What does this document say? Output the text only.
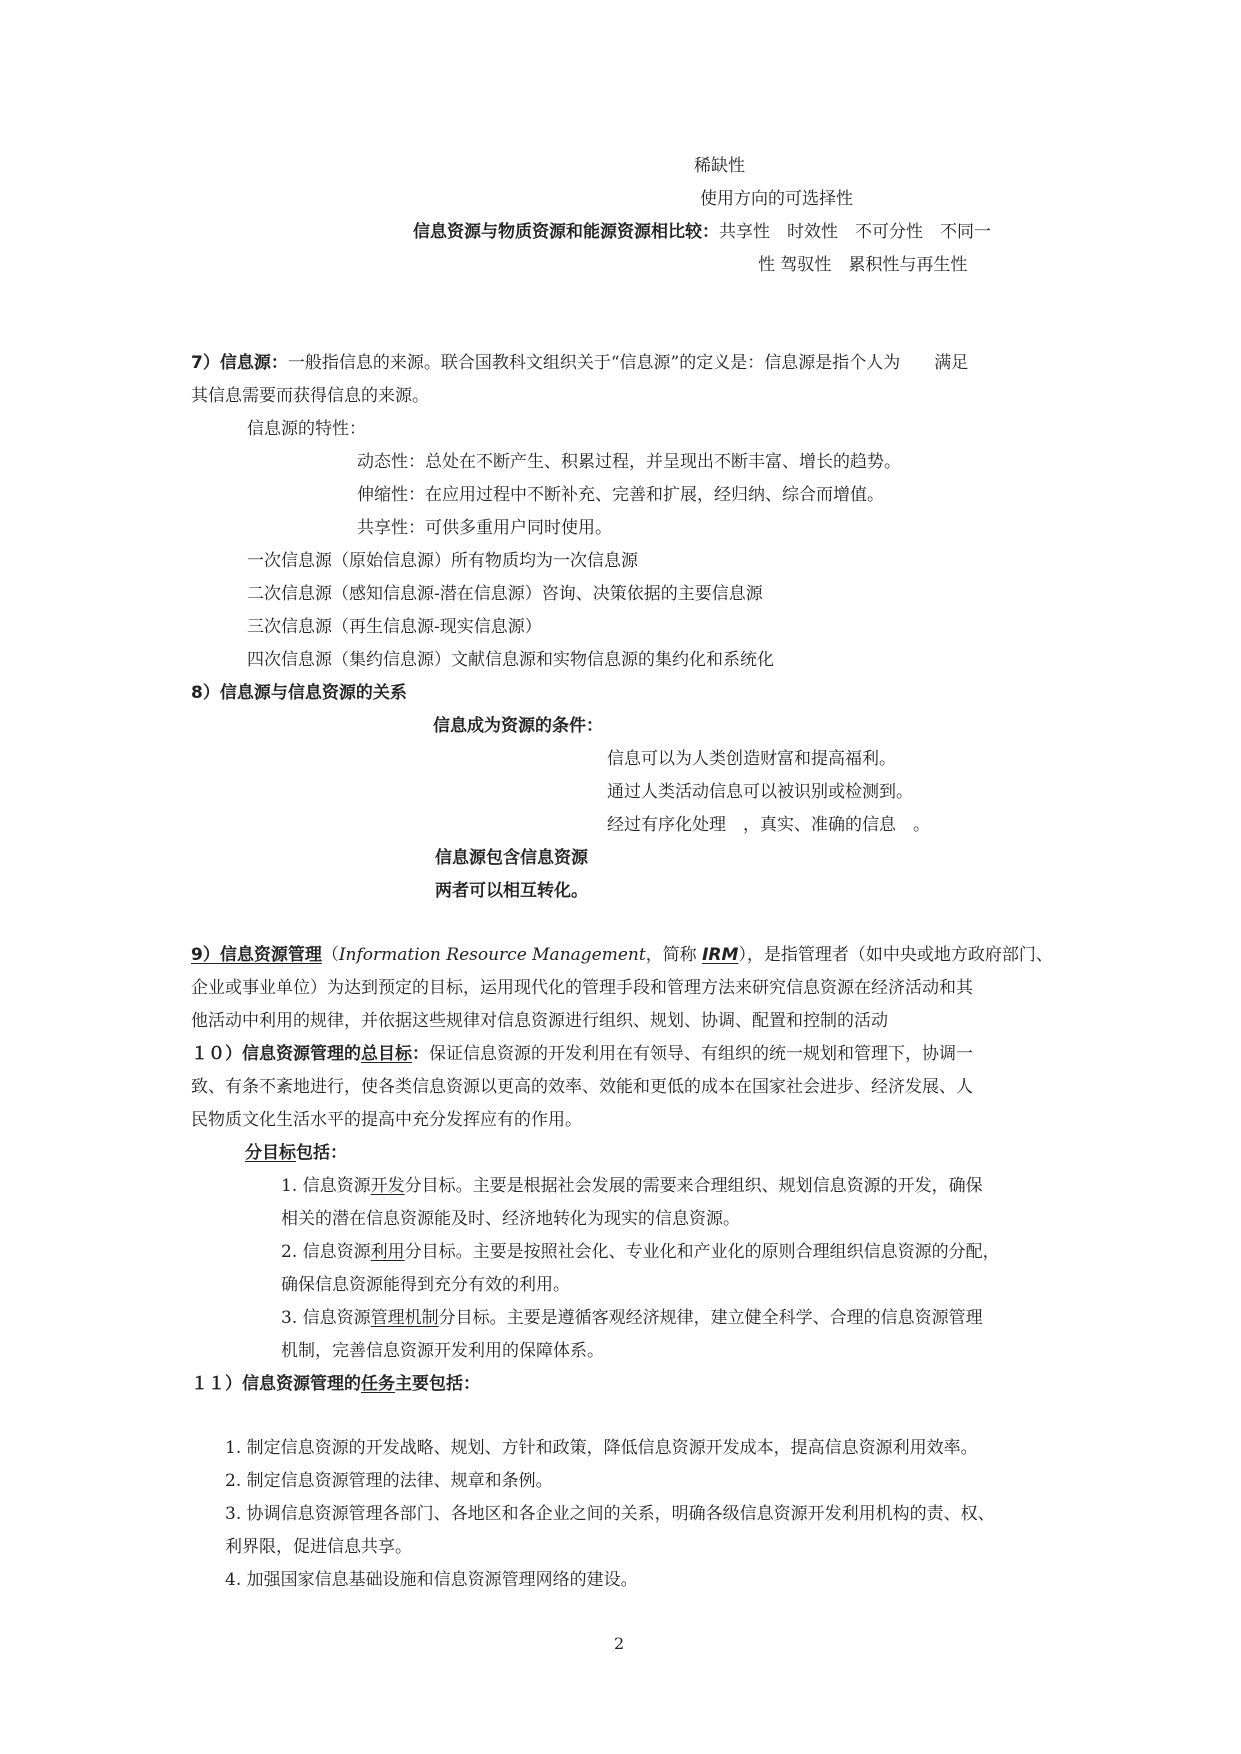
稀缺性
使用方向的可选择性
信息资源与物质资源和能源资源相比较：共享性　时效性　不可分性　不同一
性 驾驭性　累积性与再生性
7）信息源：一般指信息的来源。联合国教科文组织关于“信息源”的定义是：信息源是指个人为　　满足
其信息需要而获得信息的来源。
信息源的特性：
动态性：总处在不断产生、积累过程，并呈现出不断丰富、增长的趋势。
伸缩性：在应用过程中不断补充、完善和扩展，经归纳、综合而增值。
共享性：可供多重用户同时使用。
一次信息源（原始信息源）所有物质均为一次信息源
二次信息源（感知信息源-潜在信息源）咨询、决策依据的主要信息源
三次信息源（再生信息源-现实信息源）
四次信息源（集约信息源）文献信息源和实物信息源的集约化和系统化
8）信息源与信息资源的关系
信息成为资源的条件：
信息可以为人类创造财富和提高福利。
通过人类活动信息可以被识别或检测到。
经过有序化处理　，真实、准确的信息　。
信息源包含信息资源
两者可以相互转化。
9）信息资源管理（Information Resource Management，简称 IRM），是指管理者（如中央或地方政府部门、
企业或事业单位）为达到预定的目标，运用现代化的管理手段和管理方法来研究信息资源在经济活动和其
他活动中利用的规律，并依据这些规律对信息资源进行组织、规划、协调、配置和控制的活动
１０）信息资源管理的总目标：保证信息资源的开发利用在有领导、有组织的统一规划和管理下，协调一
致、有条不紊地进行，使各类信息资源以更高的效率、效能和更低的成本在国家社会进步、经济发展、人
民物质文化生活水平的提高中充分发挥应有的作用。
分目标包括：
1. 信息资源开发分目标。主要是根据社会发展的需要来合理组织、规划信息资源的开发，确保
相关的潜在信息资源能及时、经济地转化为现实的信息资源。
2. 信息资源利用分目标。主要是按照社会化、专业化和产业化的原则合理组织信息资源的分配，
确保信息资源能得到充分有效的利用。
3. 信息资源管理机制分目标。主要是遵循客观经济规律，建立健全科学、合理的信息资源管理
机制，完善信息资源开发利用的保障体系。
１１）信息资源管理的任务主要包括：
1. 制定信息资源的开发战略、规划、方针和政策，降低信息资源开发成本，提高信息资源利用效率。
2. 制定信息资源管理的法律、规章和条例。
3. 协调信息资源管理各部门、各地区和各企业之间的关系，明确各级信息资源开发利用机构的责、权、
利界限，促进信息共享。
4. 加强国家信息基础设施和信息资源管理网络的建设。
2
